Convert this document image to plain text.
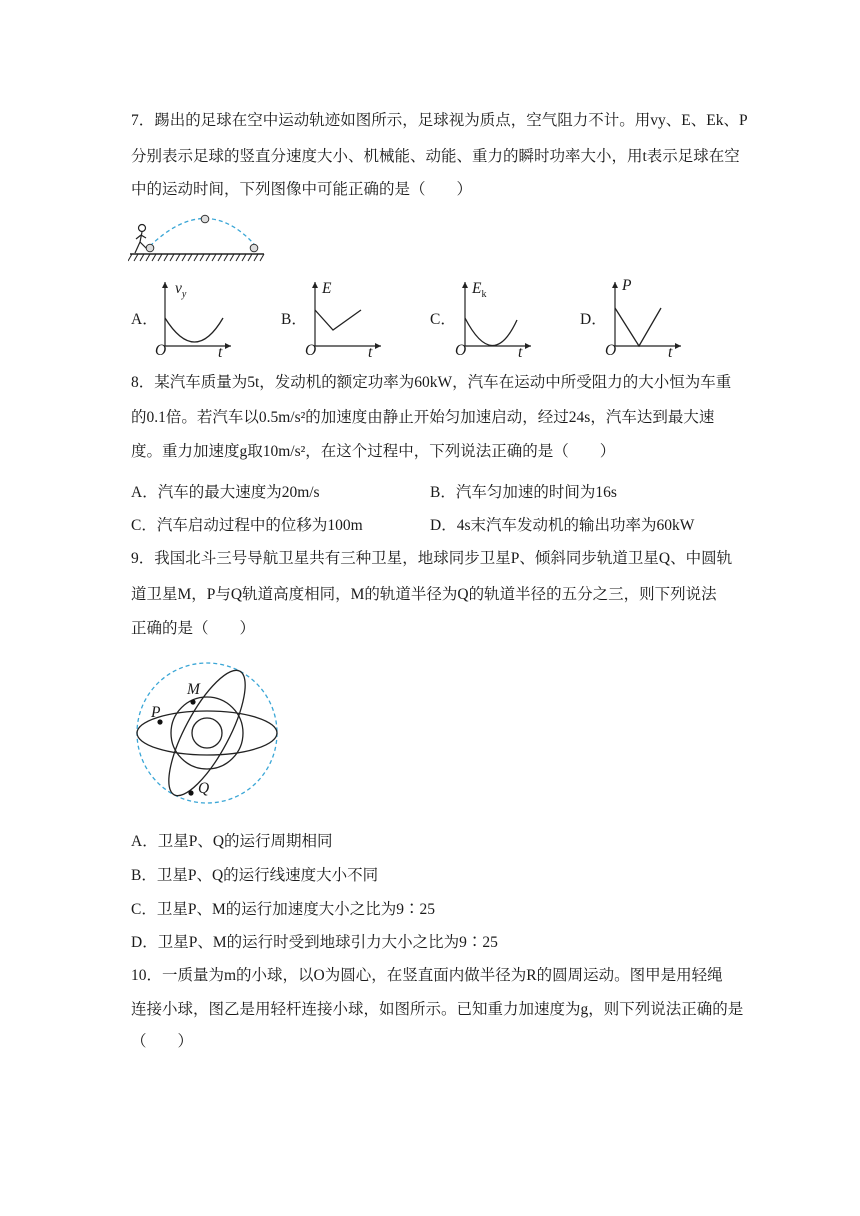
7．踢出的足球在空中运动轨迹如图所示，足球视为质点，空气阻力不计。用vy、E、Ek、P
分别表示足球的竖直分速度大小、机械能、动能、重力的瞬时功率大小，用t表示足球在空
中的运动时间，下列图像中可能正确的是（　　）
A．
$v_y$
O	t
B．
E
O	t
C．
$E_k$
O	t
D．
P
O	t
8．某汽车质量为5t，发动机的额定功率为60kW，汽车在运动中所受阻力的大小恒为车重
的0.1倍。若汽车以0.5m/s²的加速度由静止开始匀加速启动，经过24s，汽车达到最大速
度。重力加速度g取10m/s²，在这个过程中，下列说法正确的是（　　）
A．汽车的最大速度为20m/s	B．汽车匀加速的时间为16s
C．汽车启动过程中的位移为100m	D．4s末汽车发动机的输出功率为60kW
9．我国北斗三号导航卫星共有三种卫星，地球同步卫星P、倾斜同步轨道卫星Q、中圆轨
道卫星M，P与Q轨道高度相同，M的轨道半径为Q的轨道半径的五分之三，则下列说法
正确的是（　　）
M
P
Q
A．卫星P、Q的运行周期相同
B．卫星P、Q的运行线速度大小不同
C．卫星P、M的运行加速度大小之比为9∶25
D．卫星P、M的运行时受到地球引力大小之比为9∶25
10．一质量为m的小球，以O为圆心，在竖直面内做半径为R的圆周运动。图甲是用轻绳
连接小球，图乙是用轻杆连接小球，如图所示。已知重力加速度为g，则下列说法正确的是
（　　）
